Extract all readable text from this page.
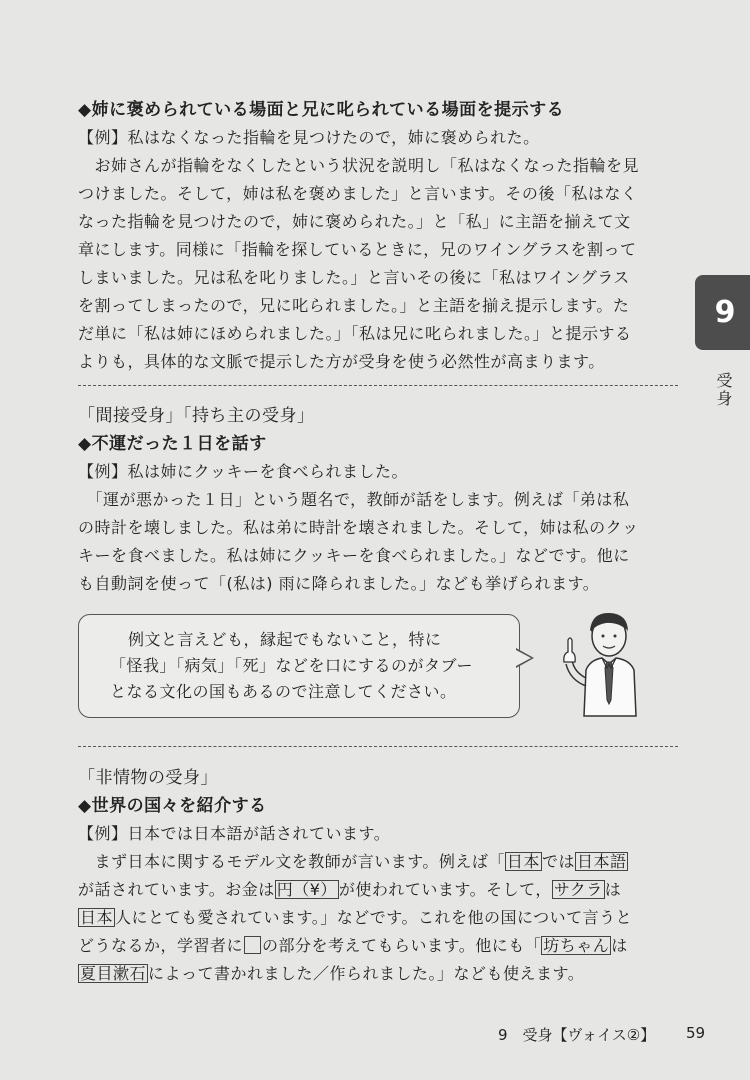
◆姉に褒められている場面と兄に叱られている場面を提示する
【例】私はなくなった指輪を見つけたので，姉に褒められた。
　お姉さんが指輪をなくしたという状況を説明し「私はなくなった指輪を見
つけました。そして，姉は私を褒めました」と言います。その後「私はなく
なった指輪を見つけたので，姉に褒められた。」と「私」に主語を揃えて文
章にします。同様に「指輪を探しているときに，兄のワイングラスを割って
しまいました。兄は私を叱りました。」と言いその後に「私はワイングラス
を割ってしまったので，兄に叱られました。」と主語を揃え提示します。た
だ単に「私は姉にほめられました。」「私は兄に叱られました。」と提示する
よりも，具体的な文脈で提示した方が受身を使う必然性が高まります。
「間接受身」「持ち主の受身」
◆不運だった１日を話す
【例】私は姉にクッキーを食べられました。
　「運が悪かった１日」という題名で，教師が話をします。例えば「弟は私
の時計を壊しました。私は弟に時計を壊されました。そして，姉は私のクッ
キーを食べました。私は姉にクッキーを食べられました。」などです。他に
も自動詞を使って「(私は) 雨に降られました。」なども挙げられます。
例文と言えども，縁起でもないこと，特に
「怪我」「病気」「死」などを口にするのがタブー
となる文化の国もあるので注意してください。
「非情物の受身」
◆世界の国々を紹介する
【例】日本では日本語が話されています。
　まず日本に関するモデル文を教師が言います。例えば「 日本 では 日本語
が話されています。お金は 円（¥） が使われています。そして， サクラ は
日本 人にとても愛されています。」などです。これを他の国について言うと
どうなるか，学習者に の部分を考えてもらいます。他にも「 坊ちゃん は
夏目漱石 によって書かれました／作られました。」なども使えます。
9
受身
9　受身【ヴォイス②】 59
